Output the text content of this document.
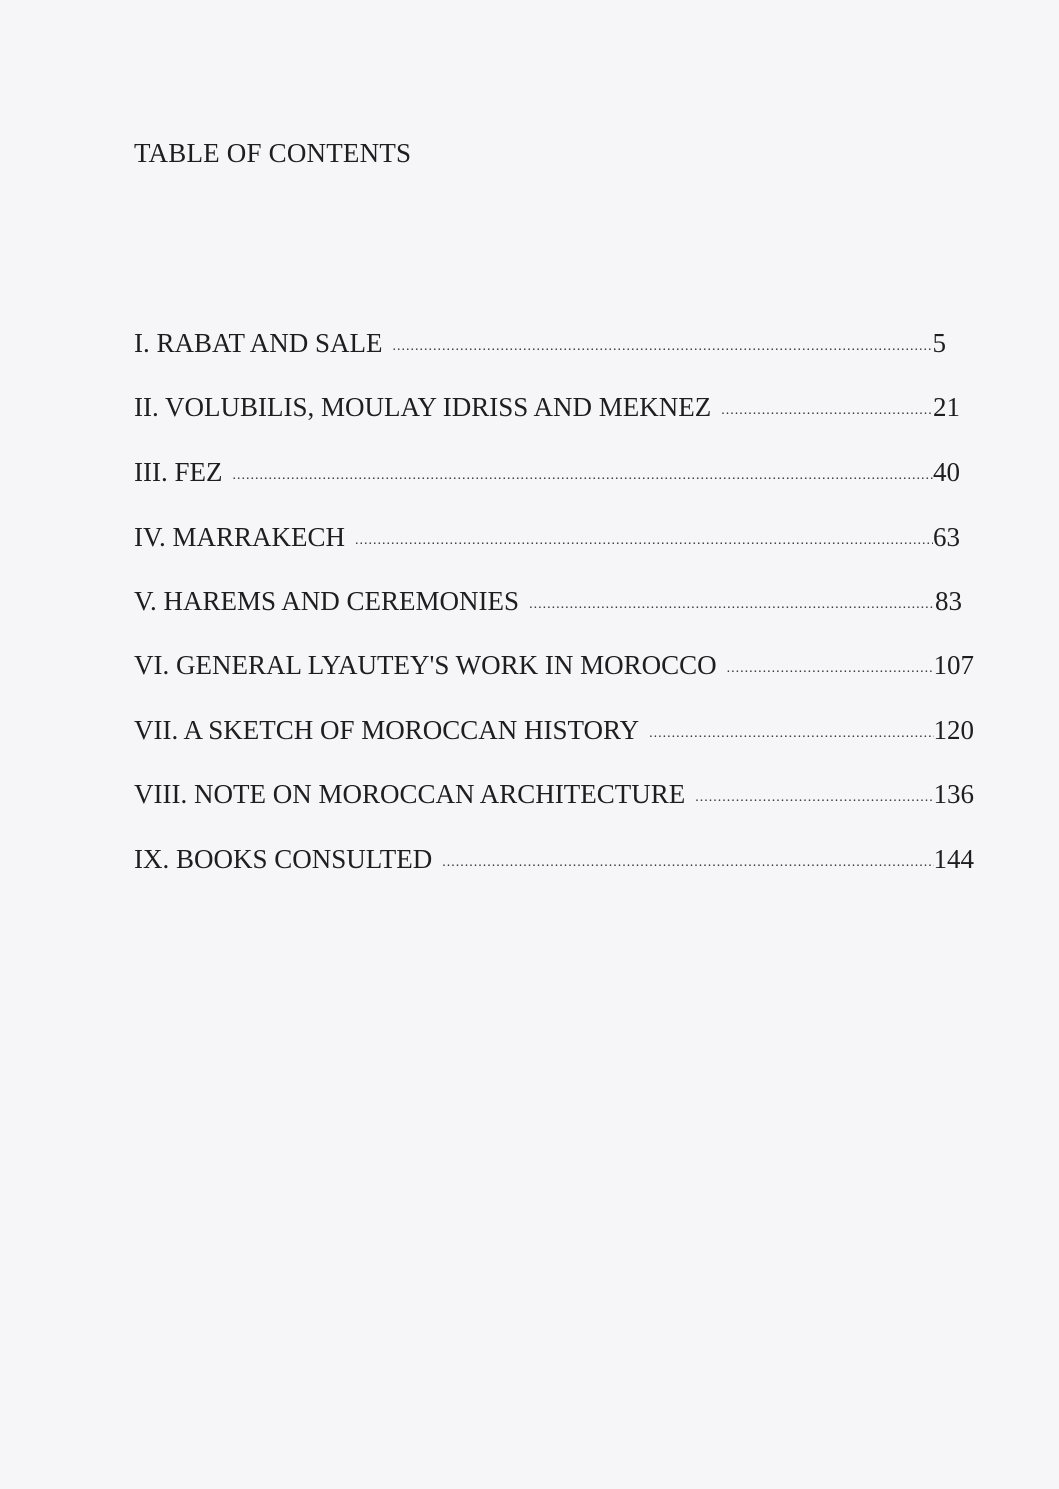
TABLE OF CONTENTS
I. RABAT AND SALE .....	5
II. VOLUBILIS, MOULAY IDRISS AND MEKNEZ .....	21
III. FEZ .....	40
IV. MARRAKECH .....	63
V. HAREMS AND CEREMONIES .....	83
VI. GENERAL LYAUTEY'S WORK IN MOROCCO .....	107
VII. A SKETCH OF MOROCCAN HISTORY .....	120
VIII. NOTE ON MOROCCAN ARCHITECTURE .....	136
IX. BOOKS CONSULTED .....	144
